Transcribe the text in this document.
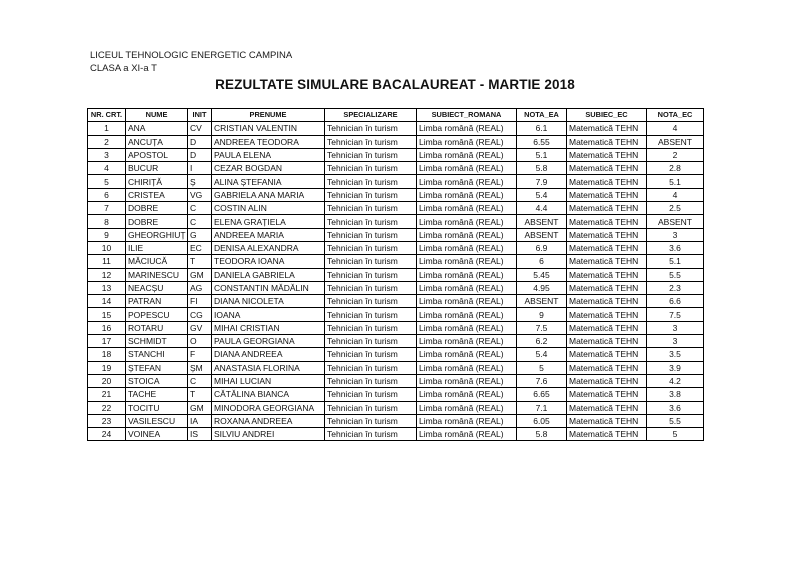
LICEUL TEHNOLOGIC ENERGETIC CAMPINA
CLASA a XI-a T
REZULTATE SIMULARE BACALAUREAT - MARTIE 2018
NR. CRT.	NUME	INIT	PRENUME	SPECIALIZARE	SUBIECT_ROMANA	NOTA_EA	SUBIEC_EC	NOTA_EC
1	ANA	CV	CRISTIAN VALENTIN	Tehnician în turism	Limba română (REAL)	6.1	Matematică TEHN	4
2	ANCUȚA	D	ANDREEA TEODORA	Tehnician în turism	Limba română (REAL)	6.55	Matematică TEHN	ABSENT
3	APOSTOL	D	PAULA ELENA	Tehnician în turism	Limba română (REAL)	5.1	Matematică TEHN	2
4	BUCUR	I	CEZAR BOGDAN	Tehnician în turism	Limba română (REAL)	5.8	Matematică TEHN	2.8
5	CHIRIȚĂ	Ș	ALINA ȘTEFANIA	Tehnician în turism	Limba română (REAL)	7.9	Matematică TEHN	5.1
6	CRISTEA	VG	GABRIELA ANA MARIA	Tehnician în turism	Limba română (REAL)	5.4	Matematică TEHN	4
7	DOBRE	C	COSTIN ALIN	Tehnician în turism	Limba română (REAL)	4.4	Matematică TEHN	2.5
8	DOBRE	C	ELENA GRAȚIELA	Tehnician în turism	Limba română (REAL)	ABSENT	Matematică TEHN	ABSENT
9	GHEORGHIUȚ	G	ANDREEA MARIA	Tehnician în turism	Limba română (REAL)	ABSENT	Matematică TEHN	3
10	ILIE	EC	DENISA ALEXANDRA	Tehnician în turism	Limba română (REAL)	6.9	Matematică TEHN	3.6
11	MĂCIUCĂ	T	TEODORA IOANA	Tehnician în turism	Limba română (REAL)	6	Matematică TEHN	5.1
12	MARINESCU	GM	DANIELA GABRIELA	Tehnician în turism	Limba română (REAL)	5.45	Matematică TEHN	5.5
13	NEACȘU	AG	CONSTANTIN MĂDĂLIN	Tehnician în turism	Limba română (REAL)	4.95	Matematică TEHN	2.3
14	PATRAN	FI	DIANA NICOLETA	Tehnician în turism	Limba română (REAL)	ABSENT	Matematică TEHN	6.6
15	POPESCU	CG	IOANA	Tehnician în turism	Limba română (REAL)	9	Matematică TEHN	7.5
16	ROTARU	GV	MIHAI CRISTIAN	Tehnician în turism	Limba română (REAL)	7.5	Matematică TEHN	3
17	SCHMIDT	O	PAULA GEORGIANA	Tehnician în turism	Limba română (REAL)	6.2	Matematică TEHN	3
18	STANCHI	F	DIANA ANDREEA	Tehnician în turism	Limba română (REAL)	5.4	Matematică TEHN	3.5
19	ȘTEFAN	ȘM	ANASTASIA FLORINA	Tehnician în turism	Limba română (REAL)	5	Matematică TEHN	3.9
20	STOICA	C	MIHAI LUCIAN	Tehnician în turism	Limba română (REAL)	7.6	Matematică TEHN	4.2
21	TACHE	T	CĂTĂLINA BIANCA	Tehnician în turism	Limba română (REAL)	6.65	Matematică TEHN	3.8
22	TOCITU	GM	MINODORA GEORGIANA	Tehnician în turism	Limba română (REAL)	7.1	Matematică TEHN	3.6
23	VASILESCU	IA	ROXANA ANDREEA	Tehnician în turism	Limba română (REAL)	6.05	Matematică TEHN	5.5
24	VOINEA	IS	SILVIU ANDREI	Tehnician în turism	Limba română (REAL)	5.8	Matematică TEHN	5
